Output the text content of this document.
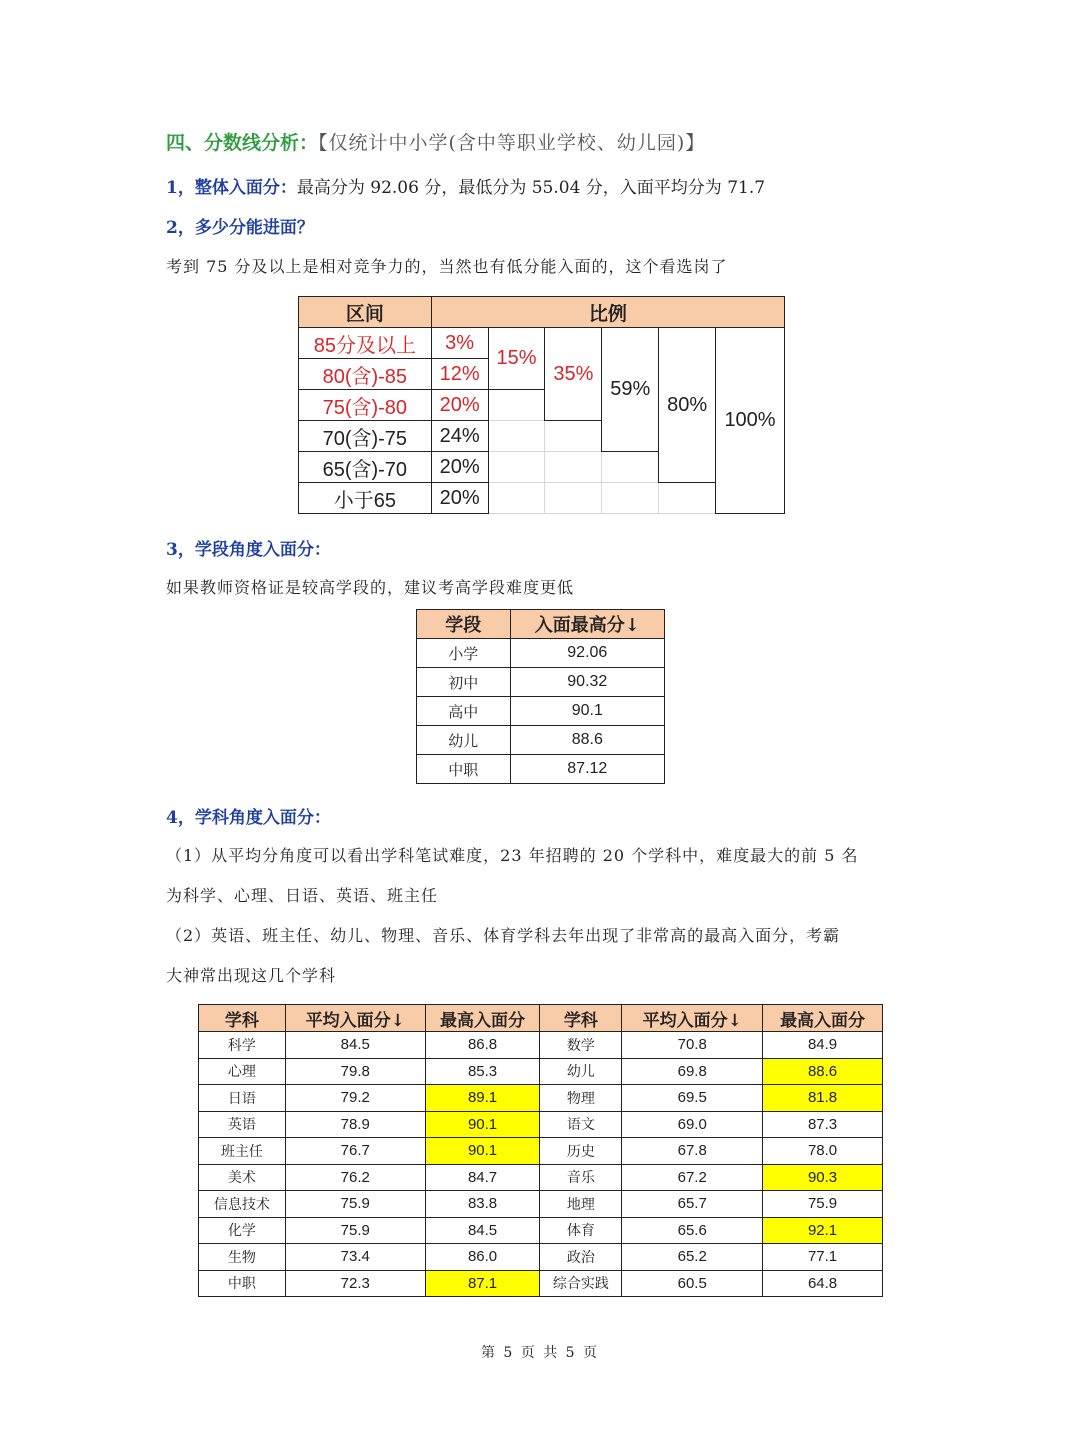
四、分数线分析：【仅统计中小学(含中等职业学校、幼儿园)】
1，整体入面分：最高分为 92.06 分，最低分为 55.04 分，入面平均分为 71.7
2，多少分能进面？
考到 75 分及以上是相对竞争力的，当然也有低分能入面的，这个看选岗了
区间	比例					
85分及以上	3%	15%	35%	59%	80%	100%
80(含)-85	12%					
75(含)-80	20%					
70(含)-75	24%					
65(含)-70	20%					
小于65	20%					
3，学段角度入面分：
如果教师资格证是较高学段的，建议考高学段难度更低
学段	入面最高分↓
小学	92.06
初中	90.32
高中	90.1
幼儿	88.6
中职	87.12
4，学科角度入面分：
（1）从平均分角度可以看出学科笔试难度，23 年招聘的 20 个学科中，难度最大的前 5 名
为科学、心理、日语、英语、班主任
（2）英语、班主任、幼儿、物理、音乐、体育学科去年出现了非常高的最高入面分，考霸
大神常出现这几个学科
学科	平均入面分↓	最高入面分	学科	平均入面分↓	最高入面分
科学	84.5	86.8	数学	70.8	84.9
心理	79.8	85.3	幼儿	69.8	88.6
日语	79.2	89.1	物理	69.5	81.8
英语	78.9	90.1	语文	69.0	87.3
班主任	76.7	90.1	历史	67.8	78.0
美术	76.2	84.7	音乐	67.2	90.3
信息技术	75.9	83.8	地理	65.7	75.9
化学	75.9	84.5	体育	65.6	92.1
生物	73.4	86.0	政治	65.2	77.1
中职	72.3	87.1	综合实践	60.5	64.8
第 5 页 共 5 页
